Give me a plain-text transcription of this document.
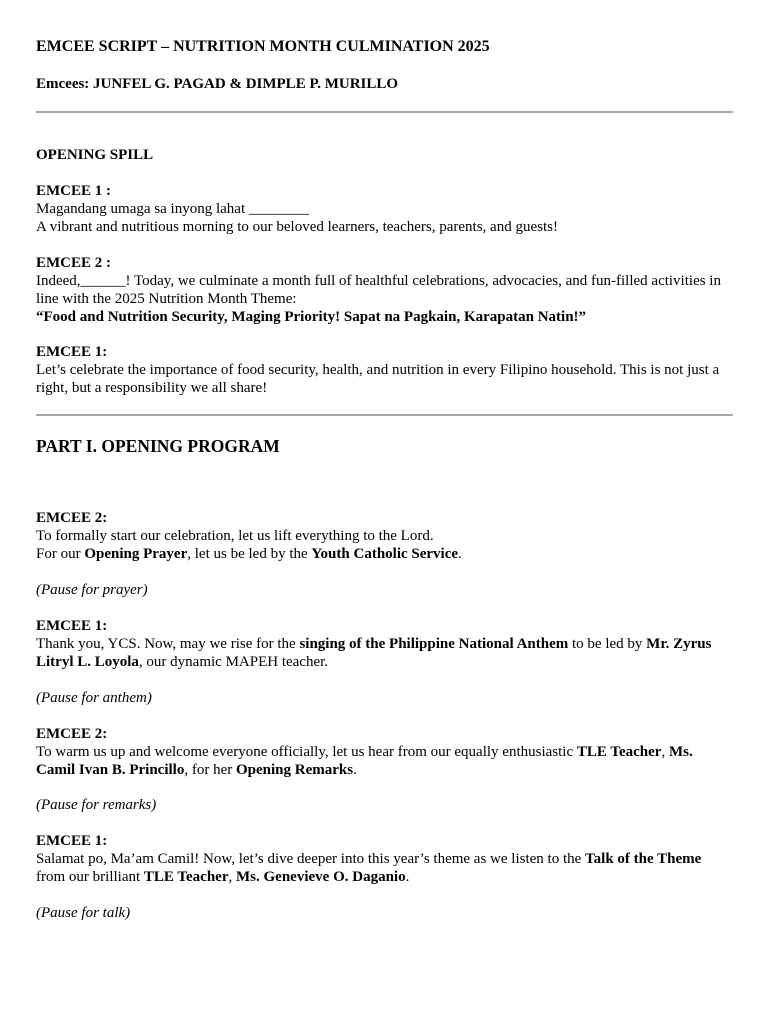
EMCEE SCRIPT – NUTRITION MONTH CULMINATION 2025
Emcees: JUNFEL G. PAGAD & DIMPLE P. MURILLO
OPENING SPILL
EMCEE 1 :
Magandang umaga sa inyong lahat ________
A vibrant and nutritious morning to our beloved learners, teachers, parents, and guests!
EMCEE 2 :
Indeed,______! Today, we culminate a month full of healthful celebrations, advocacies, and fun-filled activities in
line with the 2025 Nutrition Month Theme:
“Food and Nutrition Security, Maging Priority! Sapat na Pagkain, Karapatan Natin!”
EMCEE 1:
Let’s celebrate the importance of food security, health, and nutrition in every Filipino household. This is not just a
right, but a responsibility we all share!
PART I. OPENING PROGRAM
EMCEE 2:
To formally start our celebration, let us lift everything to the Lord.
For our Opening Prayer, let us be led by the Youth Catholic Service.
(Pause for prayer)
EMCEE 1:
Thank you, YCS. Now, may we rise for the singing of the Philippine National Anthem to be led by Mr. Zyrus
Litryl L. Loyola, our dynamic MAPEH teacher.
(Pause for anthem)
EMCEE 2:
To warm us up and welcome everyone officially, let us hear from our equally enthusiastic TLE Teacher, Ms.
Camil Ivan B. Princillo, for her Opening Remarks.
(Pause for remarks)
EMCEE 1:
Salamat po, Ma’am Camil! Now, let’s dive deeper into this year’s theme as we listen to the Talk of the Theme
from our brilliant TLE Teacher, Ms. Genevieve O. Daganio.
(Pause for talk)
